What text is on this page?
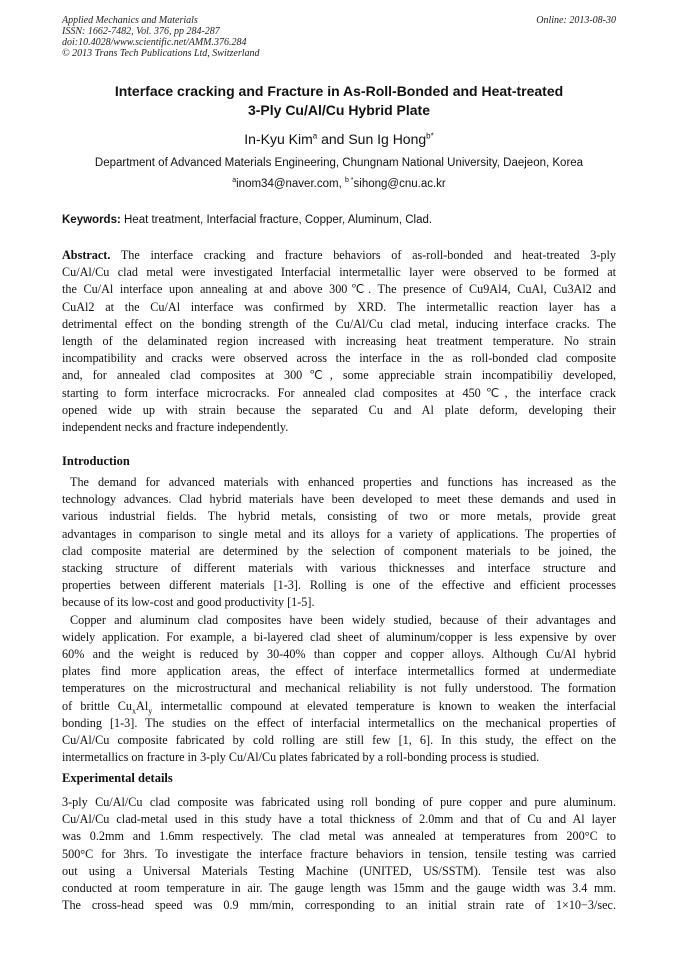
Applied Mechanics and Materials
ISSN: 1662-7482, Vol. 376, pp 284-287
doi:10.4028/www.scientific.net/AMM.376.284
© 2013 Trans Tech Publications Ltd, Switzerland
Online: 2013-08-30
Interface cracking and Fracture in As-Roll-Bonded and Heat-treated
3-Ply Cu/Al/Cu Hybrid Plate
In-Kyu Kim$^a$ and Sun Ig Hong$^{b*}$
Department of Advanced Materials Engineering, Chungnam National University, Daejeon, Korea
$^a$inom34@naver.com, $^{b *}$sihong@cnu.ac.kr
Keywords: Heat treatment, Interfacial fracture, Copper, Aluminum, Clad.
Abstract. The interface cracking and fracture behaviors of as-roll-bonded and heat-treated 3-ply
Cu/Al/Cu clad metal were investigated Interfacial intermetallic layer were observed to be formed at
the Cu/Al interface upon annealing at and above 300℃. The presence of Cu9Al4, CuAl, Cu3Al2 and
CuAl2 at the Cu/Al interface was confirmed by XRD. The intermetallic reaction layer has a
detrimental effect on the bonding strength of the Cu/Al/Cu clad metal, inducing interface cracks. The
length of the delaminated region increased with increasing heat treatment temperature. No strain
incompatibility and cracks were observed across the interface in the as roll-bonded clad composite
and, for annealed clad composites at 300℃, some appreciable strain incompatibiliy developed,
starting to form interface microcracks. For annealed clad composites at 450℃, the interface crack
opened wide up with strain because the separated Cu and Al plate deform, developing their
independent necks and fracture independently.
Introduction
The demand for advanced materials with enhanced properties and functions has increased as the
technology advances. Clad hybrid materials have been developed to meet these demands and used in
various industrial fields. The hybrid metals, consisting of two or more metals, provide great
advantages in comparison to single metal and its alloys for a variety of applications. The properties of
clad composite material are determined by the selection of component materials to be joined, the
stacking structure of different materials with various thicknesses and interface structure and
properties between different materials [1-3]. Rolling is one of the effective and efficient processes
because of its low-cost and good productivity [1-5].
Copper and aluminum clad composites have been widely studied, because of their advantages and
widely application. For example, a bi-layered clad sheet of aluminum/copper is less expensive by over
60% and the weight is reduced by 30-40% than copper and copper alloys. Although Cu/Al hybrid
plates find more application areas, the effect of interface intermetallics formed at undermediate
temperatures on the microstructural and mechanical reliability is not fully understood. The formation
of brittle $Cu_xAl_y$ intermetallic compound at elevated temperature is known to weaken the interfacial
bonding [1-3]. The studies on the effect of interfacial intermetallics on the mechanical properties of
Cu/Al/Cu composite fabricated by cold rolling are still few [1, 6]. In this study, the effect on the
intermetallics on fracture in 3-ply Cu/Al/Cu plates fabricated by a roll-bonding process is studied.
Experimental details
3-ply Cu/Al/Cu clad composite was fabricated using roll bonding of pure copper and pure aluminum.
Cu/Al/Cu clad-metal used in this study have a total thickness of 2.0mm and that of Cu and Al layer
was 0.2mm and 1.6mm respectively. The clad metal was annealed at temperatures from 200°C to
500°C for 3hrs. To investigate the interface fracture behaviors in tension, tensile testing was carried
out using a Universal Materials Testing Machine (UNITED, US/SSTM). Tensile test was also
conducted at room temperature in air. The gauge length was 15mm and the gauge width was 3.4 mm.
The cross-head speed was 0.9 mm/min, corresponding to an initial strain rate of 1×10−3/sec.
